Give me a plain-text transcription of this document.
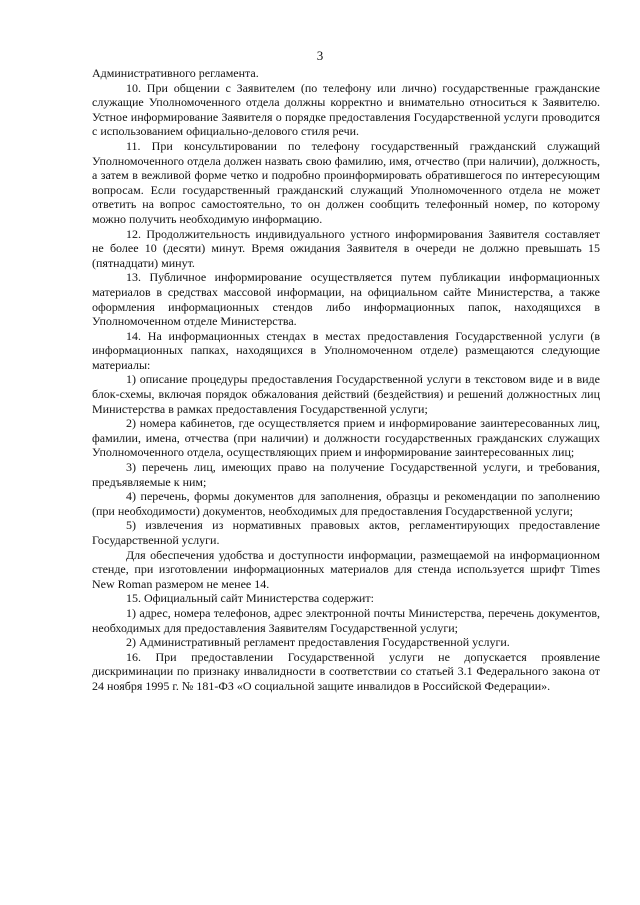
3

Административного регламента.

10. При общении с Заявителем (по телефону или лично) государственные гражданские служащие Уполномоченного отдела должны корректно и внимательно относиться к Заявителю. Устное информирование Заявителя о порядке предоставления Государственной услуги проводится с использованием официально-делового стиля речи.

11. При консультировании по телефону государственный гражданский служащий Уполномоченного отдела должен назвать свою фамилию, имя, отчество (при наличии), должность, а затем в вежливой форме четко и подробно проинформировать обратившегося по интересующим вопросам. Если государственный гражданский служащий Уполномоченного отдела не может ответить на вопрос самостоятельно, то он должен сообщить телефонный номер, по которому можно получить необходимую информацию.

12. Продолжительность индивидуального устного информирования Заявителя составляет не более 10 (десяти) минут. Время ожидания Заявителя в очереди не должно превышать 15 (пятнадцати) минут.

13. Публичное информирование осуществляется путем публикации информационных материалов в средствах массовой информации, на официальном сайте Министерства, а также оформления информационных стендов либо информационных папок, находящихся в Уполномоченном отделе Министерства.

14. На информационных стендах в местах предоставления Государственной услуги (в информационных папках, находящихся в Уполномоченном отделе) размещаются следующие материалы:

1) описание процедуры предоставления Государственной услуги в текстовом виде и в виде блок-схемы, включая порядок обжалования действий (бездействия) и решений должностных лиц Министерства в рамках предоставления Государственной услуги;

2) номера кабинетов, где осуществляется прием и информирование заинтересованных лиц, фамилии, имена, отчества (при наличии) и должности государственных гражданских служащих Уполномоченного отдела, осуществляющих прием и информирование заинтересованных лиц;

3) перечень лиц, имеющих право на получение Государственной услуги, и требования, предъявляемые к ним;

4) перечень, формы документов для заполнения, образцы и рекомендации по заполнению (при необходимости) документов, необходимых для предоставления Государственной услуги;

5) извлечения из нормативных правовых актов, регламентирующих предоставление Государственной услуги.

Для обеспечения удобства и доступности информации, размещаемой на информационном стенде, при изготовлении информационных материалов для стенда используется шрифт Times New Roman размером не менее 14.

15. Официальный сайт Министерства содержит:

1) адрес, номера телефонов, адрес электронной почты Министерства, перечень документов, необходимых для предоставления Заявителям Государственной услуги;

2) Административный регламент предоставления Государственной услуги.

16. При предоставлении Государственной услуги не допускается проявление дискриминации по признаку инвалидности в соответствии со статьей 3.1 Федерального закона от 24 ноября 1995 г. № 181-ФЗ «О социальной защите инвалидов в Российской Федерации».
